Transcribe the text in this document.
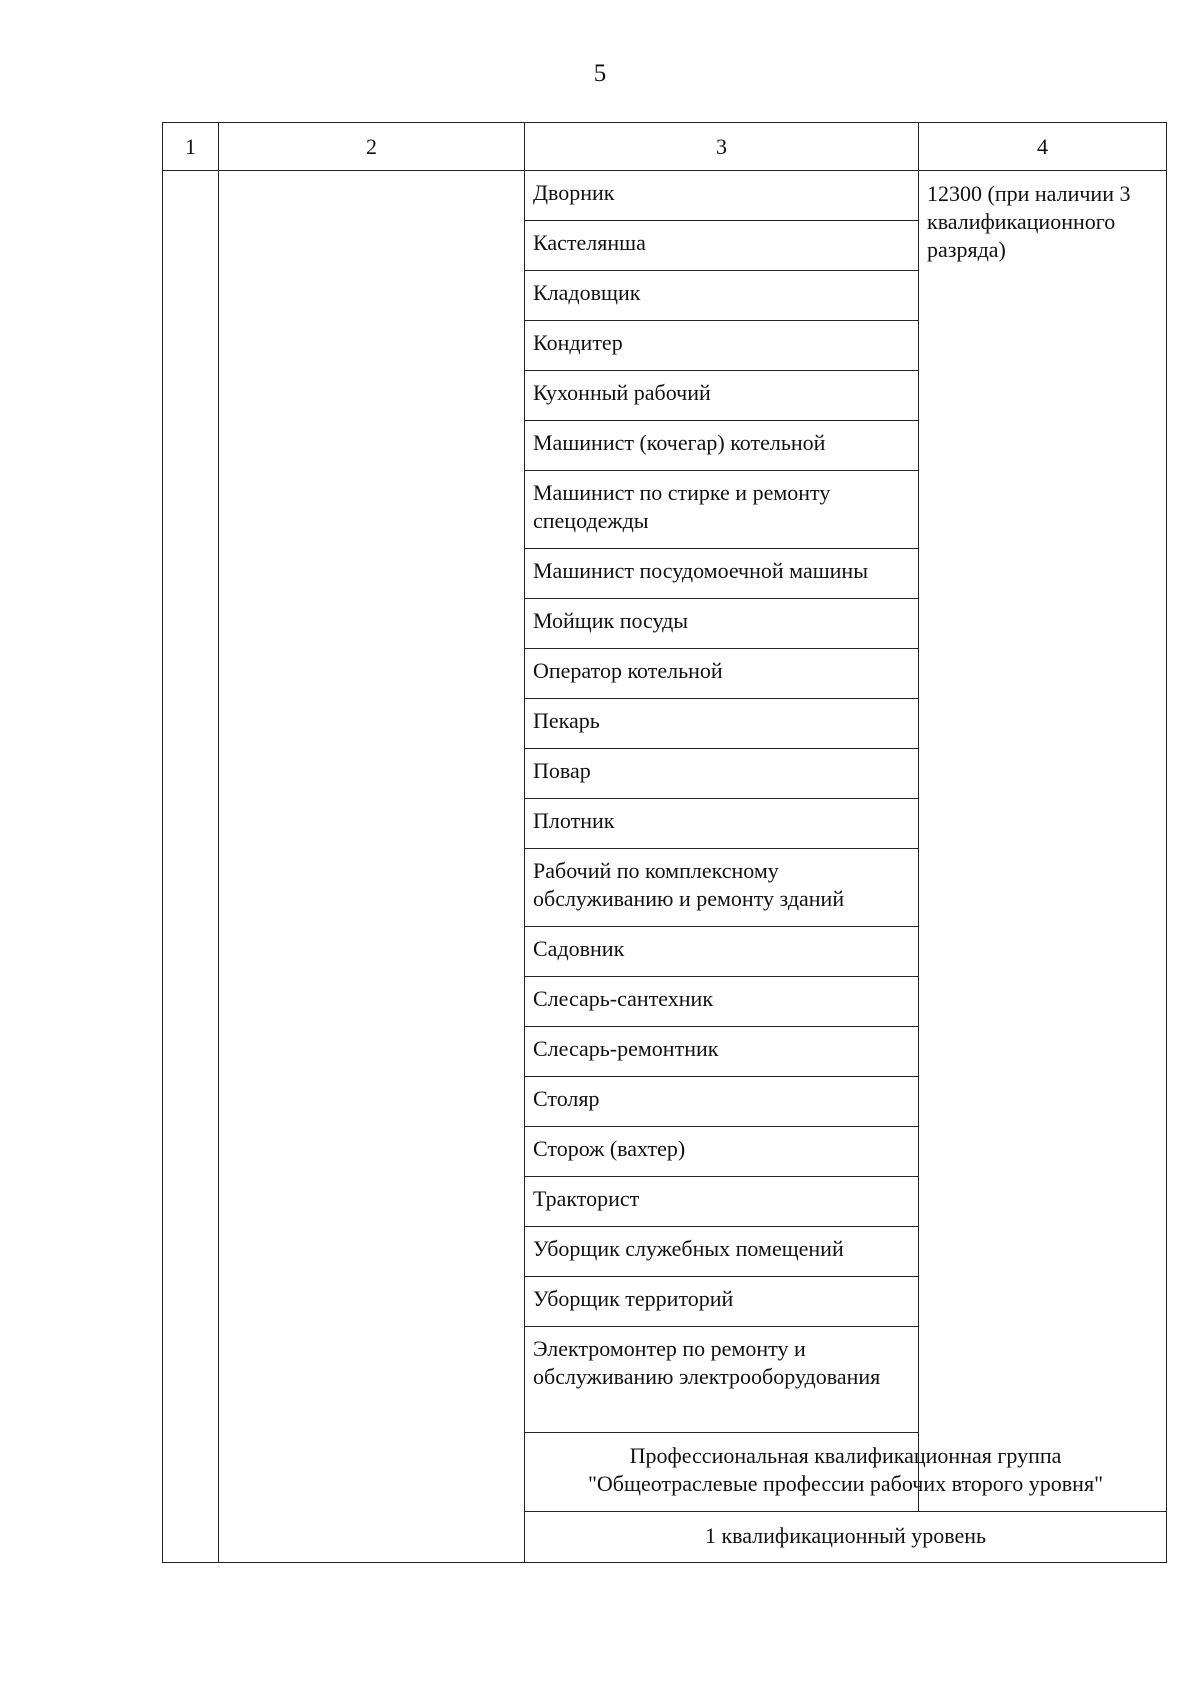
5
1	2	3	4
		Дворник	12300 (при наличии 3 квалификационного разряда)
		Кастелянша	
		Кладовщик	
		Кондитер	
		Кухонный рабочий	
		Машинист (кочегар) котельной	
		Машинист по стирке и ремонту спецодежды	
		Машинист посудомоечной машины	
		Мойщик посуды	
		Оператор котельной	
		Пекарь	
		Повар	
		Плотник	
		Рабочий по комплексному обслуживанию и ремонту зданий	
		Садовник	
		Слесарь-сантехник	
		Слесарь-ремонтник	
		Столяр	
		Сторож (вахтер)	
		Тракторист	
		Уборщик служебных помещений	
		Уборщик территорий	
		Электромонтер по ремонту и обслуживанию электрооборудования	

		Профессиональная квалификационная группа
"Общеотраслевые профессии рабочих второго уровня"	

		1 квалификационный уровень	
